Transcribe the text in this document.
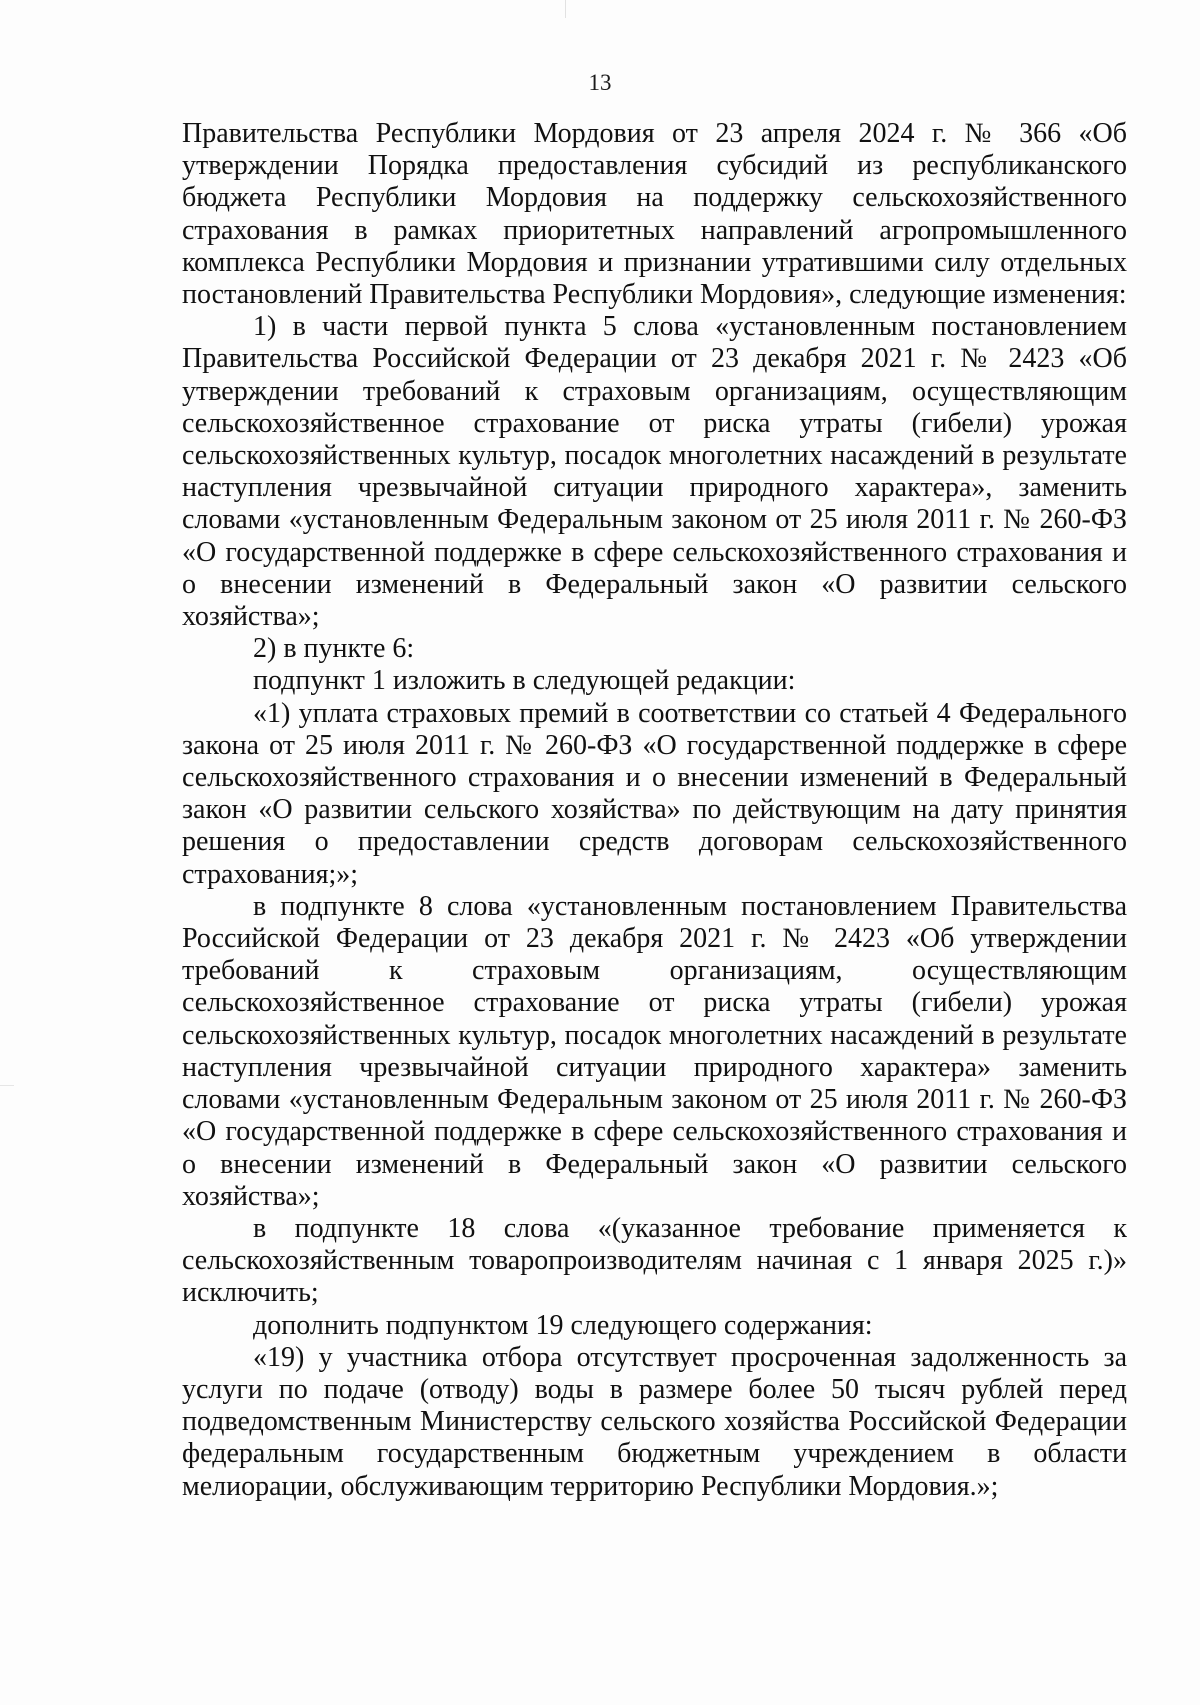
13

Правительства Республики Мордовия от 23 апреля 2024 г. № 366 «Об утверждении Порядка предоставления субсидий из республиканского бюджета Республики Мордовия на поддержку сельскохозяйственного страхования в рамках приоритетных направлений агропромышленного комплекса Республики Мордовия и признании утратившими силу отдельных постановлений Правительства Республики Мордовия», следующие изменения:

1) в части первой пункта 5 слова «установленным постановлением Правительства Российской Федерации от 23 декабря 2021 г. № 2423 «Об утверждении требований к страховым организациям, осуществляющим сельскохозяйственное страхование от риска утраты (гибели) урожая сельскохозяйственных культур, посадок многолетних насаждений в результате наступления чрезвычайной ситуации природного характера», заменить словами «установленным Федеральным законом от 25 июля 2011 г. № 260-ФЗ «О государственной поддержке в сфере сельскохозяйственного страхования и о внесении изменений в Федеральный закон «О развитии сельского хозяйства»;

2) в пункте 6:

подпункт 1 изложить в следующей редакции:

«1) уплата страховых премий в соответствии со статьей 4 Федерального закона от 25 июля 2011 г. № 260-ФЗ «О государственной поддержке в сфере сельскохозяйственного страхования и о внесении изменений в Федеральный закон «О развитии сельского хозяйства» по действующим на дату принятия решения о предоставлении средств договорам сельскохозяйственного страхования;»;

в подпункте 8 слова «установленным постановлением Правительства Российской Федерации от 23 декабря 2021 г. № 2423 «Об утверждении требований к страховым организациям, осуществляющим сельскохозяйственное страхование от риска утраты (гибели) урожая сельскохозяйственных культур, посадок многолетних насаждений в результате наступления чрезвычайной ситуации природного характера» заменить словами «установленным Федеральным законом от 25 июля 2011 г. № 260-ФЗ «О государственной поддержке в сфере сельскохозяйственного страхования и о внесении изменений в Федеральный закон «О развитии сельского хозяйства»;

в подпункте 18 слова «(указанное требование применяется к сельскохозяйственным товаропроизводителям начиная с 1 января 2025 г.)» исключить;

дополнить подпунктом 19 следующего содержания:

«19) у участника отбора отсутствует просроченная задолженность за услуги по подаче (отводу) воды в размере более 50 тысяч рублей перед подведомственным Министерству сельского хозяйства Российской Федерации федеральным государственным бюджетным учреждением в области мелиорации, обслуживающим территорию Республики Мордовия.»;
